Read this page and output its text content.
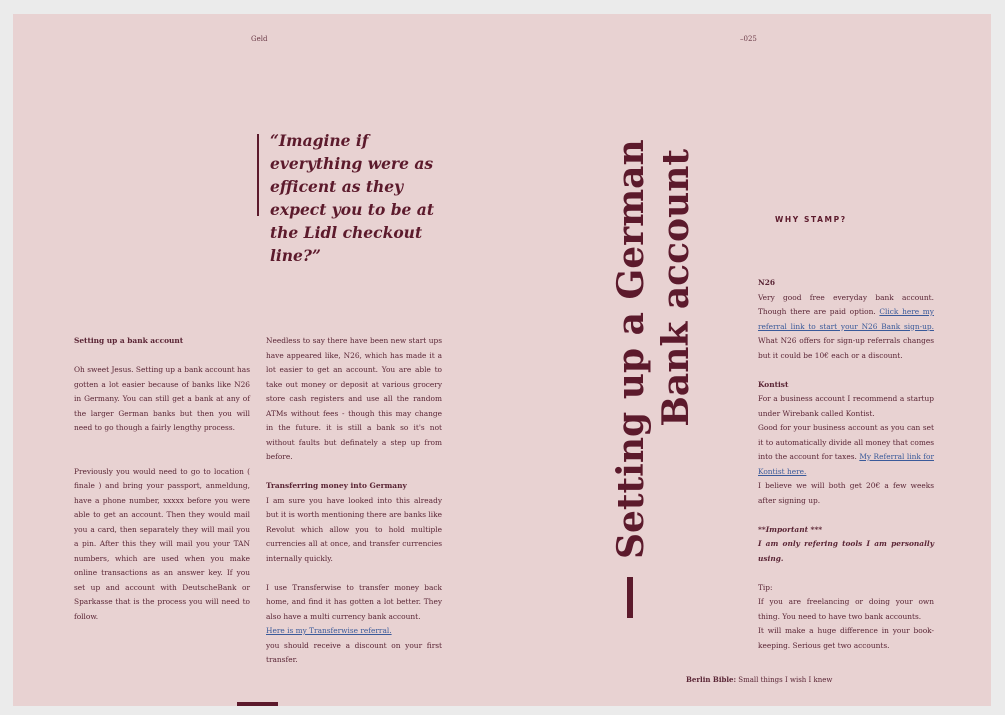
Geld	–025
“Imagine if everything were as efficent as they expect you to be at the Lidl checkout line?”

Setting up a bank account

Oh sweet Jesus. Setting up a bank account has gotten a lot easier because of banks like N26 in Germany. You can still get a bank at any of the larger German banks but then you will need to go though a fairly lengthy process.

Previously you would need to go to location ( finale ) and bring your passport, anmeldung, have a phone number, xxxxx before you were able to get an account. Then they would mail you a card, then separately they will mail you a pin. After this they will mail you your TAN numbers, which are used when you make online transactions as an answer key. If you set up and account with DeutscheBank or Sparkasse that is the process you will need to follow.

Needless to say there have been new start ups have appeared like, N26, which has made it a lot easier to get an account. You are able to take out money or deposit at various grocery store cash registers and use all the random ATMs without fees - though this may change in the future. it is still a bank so it's not without faults but definately a step up from before.

Transferring money into Germany

I am sure you have looked into this already but it is worth mentioning there are banks like Revolut which allow you to hold multiple currencies all at once, and transfer currencies internally quickly.

I use Transferwise to transfer money back home, and find it has gotten a lot better. They also have a multi currency bank account.

Here is my Transferwise referral.

you should receive a discount on your first transfer.

Setting up a German Bank account	WHY STAMP?

N26

Very good free everyday bank account. Though there are paid option. Click here my referral link to start your N26 Bank sign-up. What N26 offers for sign-up referrals changes but it could be 10€ each or a discount.

Kontist

For a business account I recommend a startup under Wirebank called Kontist.

Good for your business account as you can set it to automatically divide all money that comes into the account for taxes. My Referral link for Kontist here.

I believe we will both get 20€ a few weeks after signing up.

**Important ***

I am only refering tools I am personally using.

Tip:

If you are freelancing or doing your own thing. You need to have two bank accounts.

It will make a huge difference in your book-keeping. Serious get two accounts.

Berlin Bible: Small things I wish I knew
